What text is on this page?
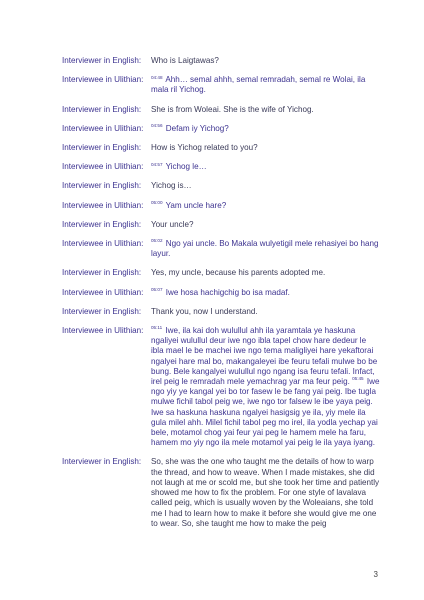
Interviewer in English:	Who is Laigtawas?
Interviewee in Ulithian:	$^{04:48}$ Ahh… semal ahhh, semal remradah, semal re Wolai, ila mala ril Yichog.
Interviewer in English:	She is from Woleai. She is the wife of Yichog.
Interviewee in Ulithian:	$^{04:56}$ Defam iy Yichog?
Interviewer in English:	How is Yichog related to you?
Interviewee in Ulithian:	$^{04:57}$ Yichog le…
Interviewer in English:	Yichog is…
Interviewee in Ulithian:	$^{05:00}$ Yam uncle hare?
Interviewer in English:	Your uncle?
Interviewee in Ulithian:	$^{05:02}$ Ngo yai uncle. Bo Makala wulyetigil mele rehasiyei bo hang layur.
Interviewer in English:	Yes, my uncle, because his parents adopted me.
Interviewee in Ulithian:	$^{05:07}$ Iwe hosa hachigchig bo isa madaf.
Interviewer in English:	Thank you, now I understand.
Interviewee in Ulithian:	$^{05:11}$ Iwe, ila kai doh wulullul ahh ila yaramtala ye haskuna ngaliyei wulullul deur iwe ngo ibla tapel chow hare dedeur le ibla mael le be machei iwe ngo tema maligliyei hare yekaftorai ngalyei hare mal bo, makangaleyei ibe feuru tefali mulwe bo be bung. Bele kangalyei wulullul ngo ngang isa feuru tefali. Infact, irel peig le remradah mele yemachrag yar ma feur peig. $^{05:45}$ Iwe ngo yiy ye kangal yei bo tor fasew le be fang yai peig. Ibe tugla mulwe fichil tabol peig we, iwe ngo tor falsew le ibe yaya peig. Iwe sa haskuna haskuna ngalyei hasigsig ye ila, yiy mele ila gula milel ahh. Milel fichil tabol peg mo irel, ila yodla yechap yai bele, motamol chog yai feur yai peg le hamem mele ha faru, hamem mo yiy ngo ila mele motamol yai peig le ila yaya iyang.
Interviewer in English:	So, she was the one who taught me the details of how to warp the thread, and how to weave. When I made mistakes, she did not laugh at me or scold me, but she took her time and patiently showed me how to fix the problem. For one style of lavalava called peig, which is usually woven by the Woleaians, she told me I had to learn how to make it before she would give me one to wear. So, she taught me how to make the peig
3
